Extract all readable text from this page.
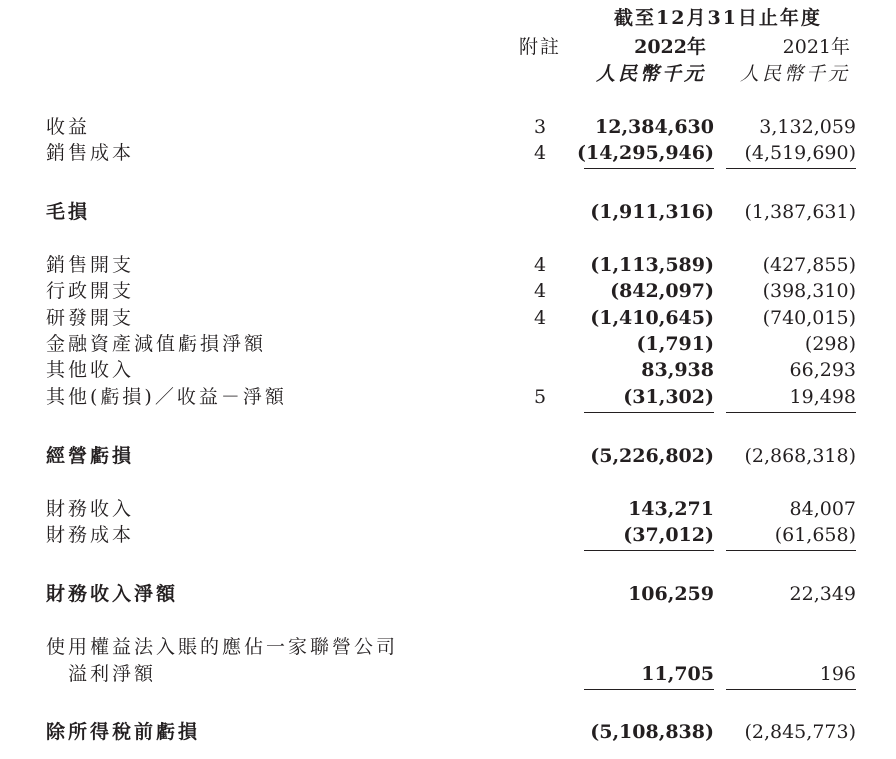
截至12月31日止年度
附註	2022年	2021年
人民幣千元 人民幣千元
收益	3	12,384,630 3,132,059
銷售成本	4	(14,295,946) (4,519,690)
毛損	(1,911,316) (1,387,631)
銷售開支	4	(1,113,589)	(427,855)
行政開支	4	(842,097)	(398,310)
研發開支	4	(1,410,645)	(740,015)
金融資產減值虧損淨額	(1,791)	(298)
其他收入	83,938	66,293
其他(虧損)／收益－淨額	5	(31,302)	19,498
經營虧損	(5,226,802) (2,868,318)
財務收入	143,271	84,007
財務成本	(37,012)	(61,658)
財務收入淨額	106,259	22,349
使用權益法入賬的應佔一家聯營公司
溢利淨額	11,705	196
除所得稅前虧損	(5,108,838) (2,845,773)
